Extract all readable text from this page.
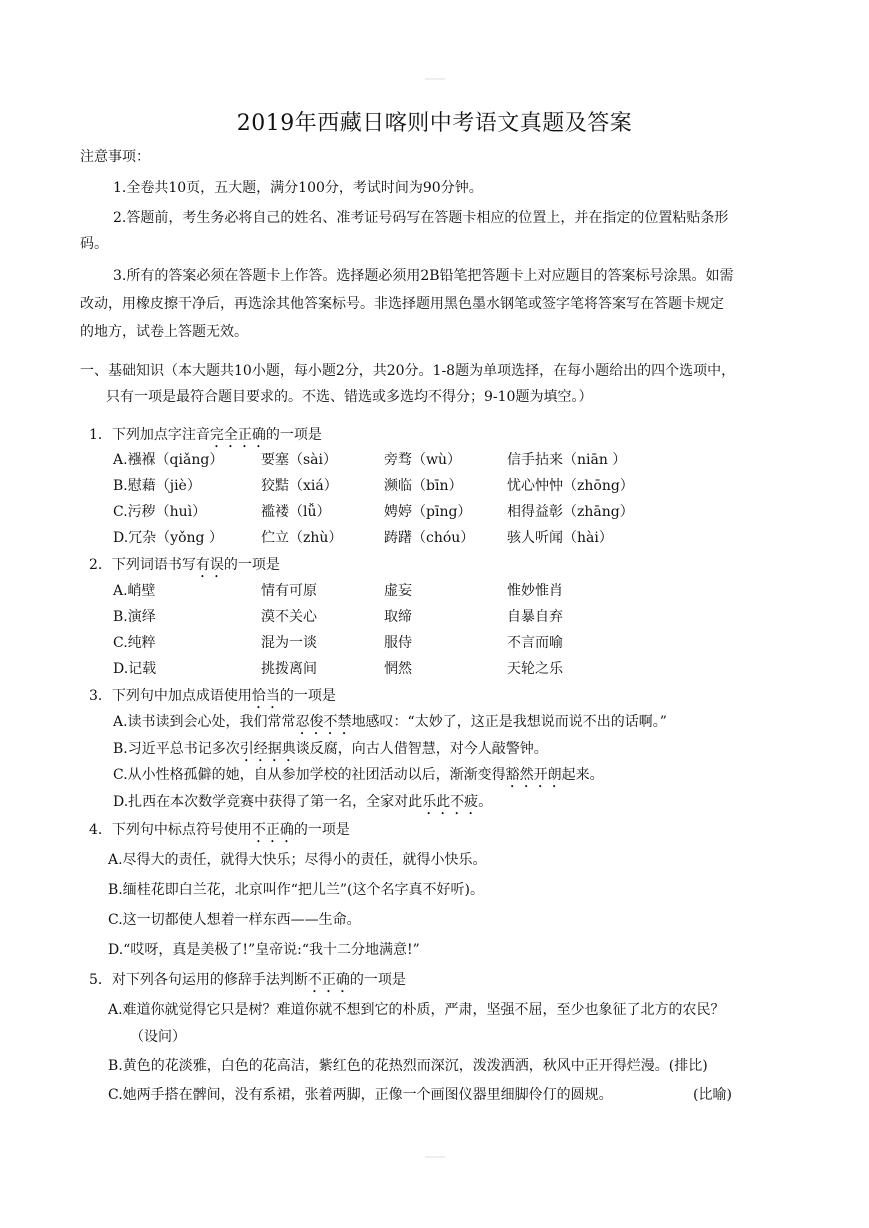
2019年西藏日喀则中考语文真题及答案
注意事项：
1.全卷共10页，五大题，满分100分，考试时间为90分钟。
2.答题前，考生务必将自己的姓名、准考证号码写在答题卡相应的位置上，并在指定的位置粘贴条形
码。
3.所有的答案必须在答题卡上作答。选择题必须用2B铅笔把答题卡上对应题目的答案标号涂黑。如需
改动，用橡皮擦干净后，再选涂其他答案标号。非选择题用黑色墨水钢笔或签字笔将答案写在答题卡规定
的地方，试卷上答题无效。
一、基础知识（本大题共10小题，每小题2分，共20分。1-8题为单项选择，在每小题给出的四个选项中，
只有一项是最符合题目要求的。不选、错选或多选均不得分；9-10题为填空。）
1．下列加点字注音完全正确的一项是
A.襁褓（qiǎng）	要塞（sài）	旁骛（wù）	信手拈来（niān ）
B.慰藉（jiè）	狡黠（xiá）	濒临（bīn）	忧心忡忡（zhōng）
C.污秽（huì）	褴褛（lǚ）	娉婷（pīng）	相得益彰（zhāng）
D.冗杂（yǒng ）	伫立（zhù）	踌躇（chóu） 骇人听闻（hài）
2．下列词语书写有误的一项是
A.峭壁	情有可原	虚妄	惟妙惟肖
B.演绎	漠不关心	取缔	自暴自弃
C.纯粹	混为一谈	服侍	不言而喻
D.记载	挑拨离间	惘然	天轮之乐
3．下列句中加点成语使用恰当的一项是
A.读书读到会心处，我们常常忍俊不禁地感叹：“太妙了，这正是我想说而说不出的话啊。”
B.习近平总书记多次引经据典谈反腐，向古人借智慧，对今人敲警钟。
C.从小性格孤僻的她，自从参加学校的社团活动以后，渐渐变得豁然开朗起来。
D.扎西在本次数学竞赛中获得了第一名，全家对此乐此不疲。
4．下列句中标点符号使用不正确的一项是
A.尽得大的责任，就得大快乐；尽得小的责任，就得小快乐。
B.缅桂花即白兰花，北京叫作“把儿兰”(这个名字真不好听)。
C.这一切都使人想着一样东西——生命。
D.“哎呀，真是美极了!”皇帝说:“我十二分地满意!”
5．对下列各句运用的修辞手法判断不正确的一项是
A.难道你就觉得它只是树？难道你就不想到它的朴质，严肃，坚强不屈，至少也象征了北方的农民？
（设问）
B.黄色的花淡雅，白色的花高洁，紫红色的花热烈而深沉，泼泼洒洒，秋风中正开得烂漫。(排比)
C.她两手搭在髀间，没有系裙，张着两脚，正像一个画图仪器里细脚伶仃的圆规。	(比喻)
